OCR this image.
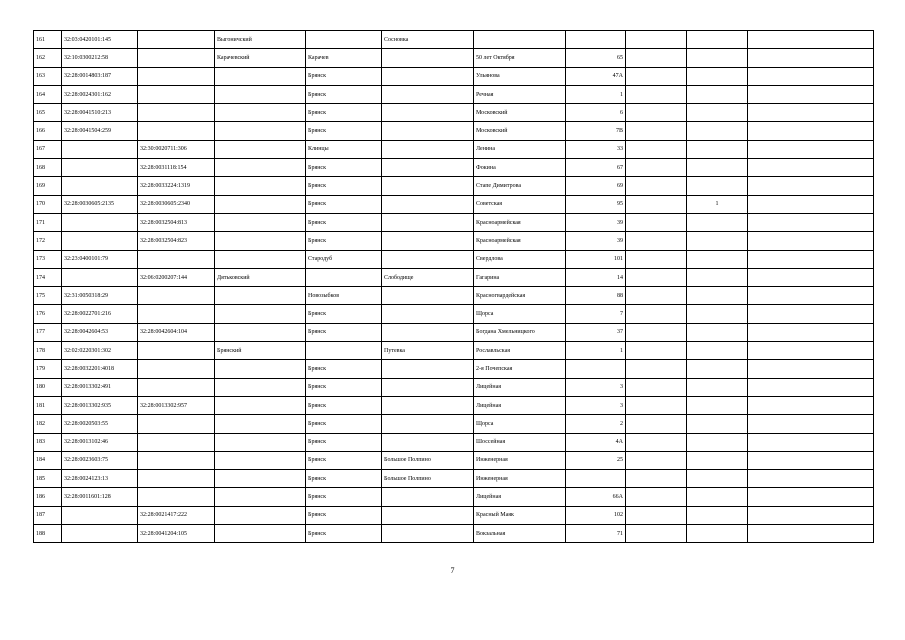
161	32:03:0420101:145		Выгоничский		Сосновка					
162	32:10:0300212:58		Карачевский	Карачев		50 лет Октября	65			
163	32:28:0014803:187			Брянск		Ульянова	47А			
164	32:28:0024301:162			Брянск		Речная	1			
165	32:28:0041510:213			Брянск		Московский	6			
166	32:28:0041504:259			Брянск		Московский	7В			
167		32:30:0020711:306		Клинцы		Ленина	33			
168		32:28:0031118:154		Брянск		Фокина	67			
169		32:28:0033224:1319		Брянск		Стапе Димитрова	69			
170	32:28:0030605:2135	32:28:0030605:2340		Брянск		Советская	95		1	
171		32:28:0032504:813		Брянск		Красноармейская	39			
172		32:28:0032504:823		Брянск		Красноармейская	39			
173	32:23:0400101:79			Стародуб		Свердлова	101			
174		32:06:0200207:144	Дятьковский		Слободище	Гагарина	14			
175	32:31:0050318:29			Новозыбков		Красногвардейская	88			
176	32:28:0022701:216			Брянск		Щорса	7			
177	32:28:0042604:53	32:28:0042604:104		Брянск		Богдана Хмельницкого	37			
178	32:02:0220301:302		Брянский		Путевка	Рославльская	1			
179	32:28:0032201:4018			Брянск		2-я Почепская				
180	32:28:0013302:491			Брянск		Лицейная	3			
181	32:28:0013302:935	32:28:0013302:957		Брянск		Лицейная	3			
182	32:28:0020503:55			Брянск		Щорса	2			
183	32:28:0013102:46			Брянск		Шоссейная	4А			
184	32:28:0023603:75			Брянск	Большое Полпино	Инженерная	25			
185	32:28:0024123:13			Брянск	Большое Полпино	Инженерная				
186	32:28:0011601:128			Брянск		Лицейная	66А			
187		32:28:0021417:222		Брянск		Красный Маяк	102			
188		32:28:0041204:105		Брянск		Вокзальная	71			
7
